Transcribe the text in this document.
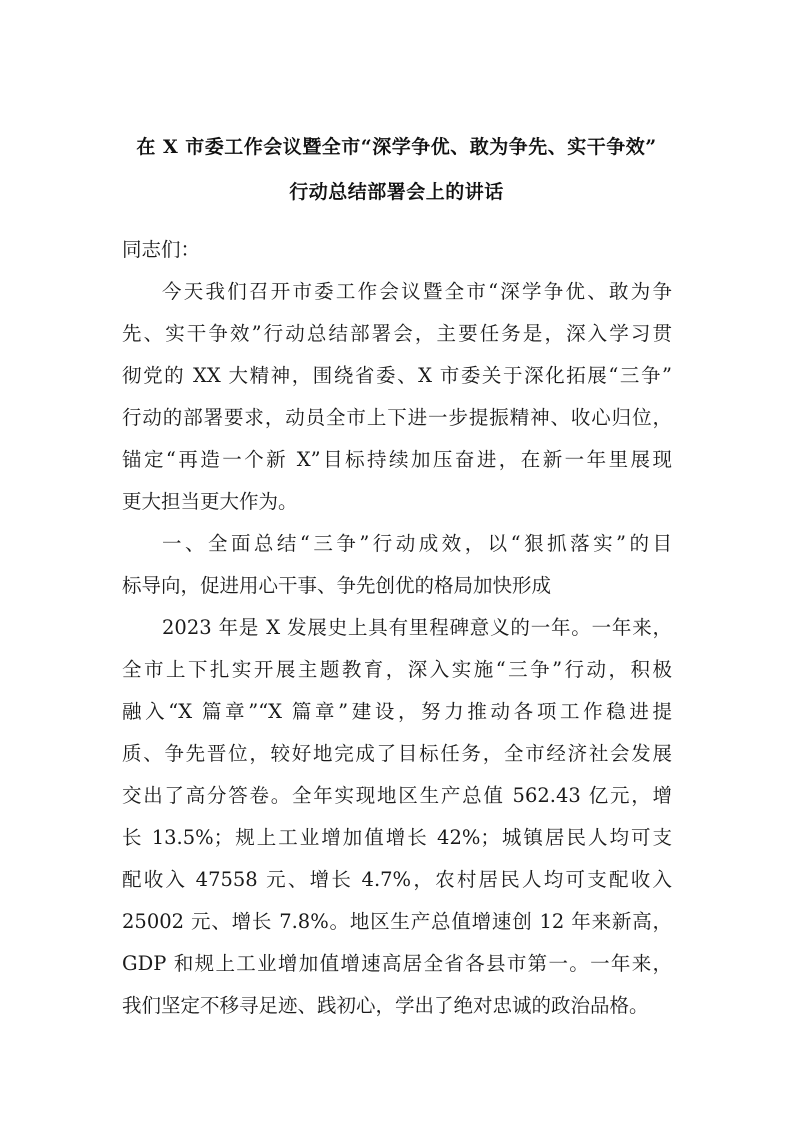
在 X 市委工作会议暨全市“深学争优、敢为争先、实干争效”
行动总结部署会上的讲话
同志们：
今天我们召开市委工作会议暨全市“深学争优、敢为争
先、实干争效”行动总结部署会，主要任务是，深入学习贯
彻党的 XX 大精神，围绕省委、X 市委关于深化拓展“三争”
行动的部署要求，动员全市上下进一步提振精神、收心归位，
锚定“再造一个新 X”目标持续加压奋进，在新一年里展现
更大担当更大作为。
一、全面总结“三争”行动成效，以“狠抓落实”的目
标导向，促进用心干事、争先创优的格局加快形成
2023 年是 X 发展史上具有里程碑意义的一年。一年来，
全市上下扎实开展主题教育，深入实施“三争”行动，积极
融入“X 篇章”“X 篇章”建设，努力推动各项工作稳进提
质、争先晋位，较好地完成了目标任务，全市经济社会发展
交出了高分答卷。全年实现地区生产总值 562.43 亿元，增
长 13.5%；规上工业增加值增长 42%；城镇居民人均可支
配收入 47558 元、增长 4.7%，农村居民人均可支配收入
25002 元、增长 7.8%。地区生产总值增速创 12 年来新高，
GDP 和规上工业增加值增速高居全省各县市第一。一年来，
我们坚定不移寻足迹、践初心，学出了绝对忠诚的政治品格。
